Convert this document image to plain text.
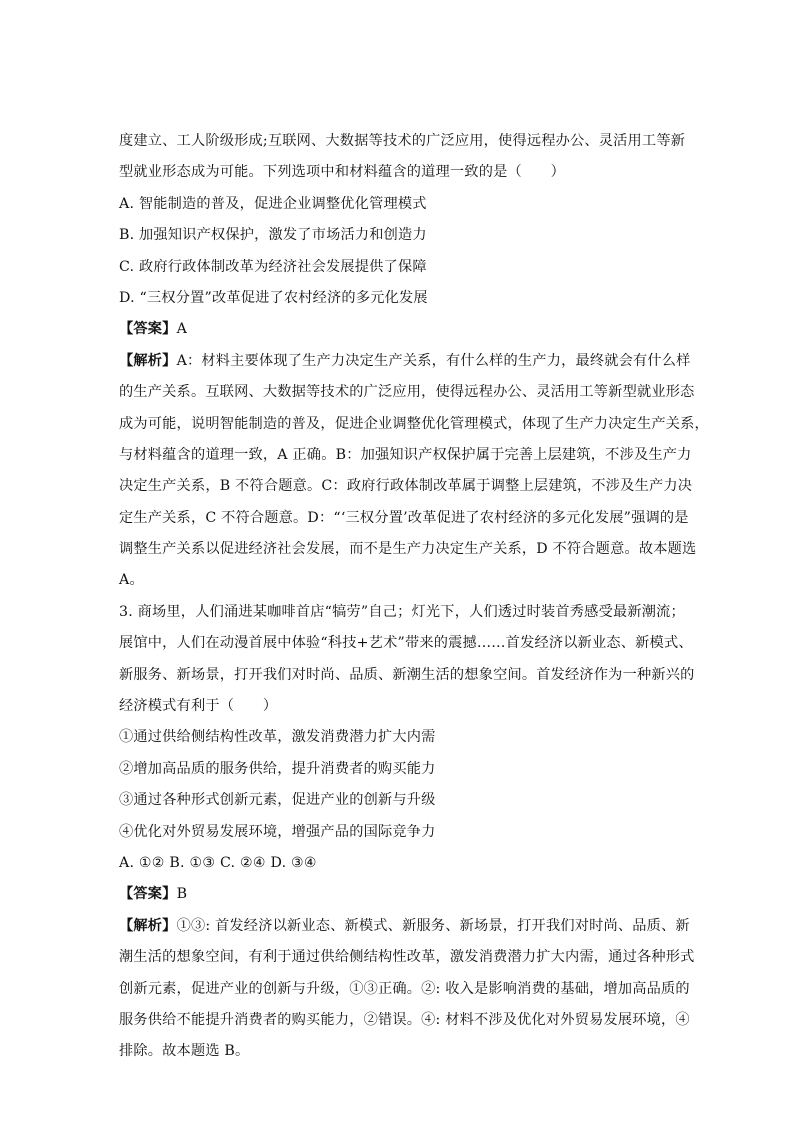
度建立、工人阶级形成;互联网、大数据等技术的广泛应用，使得远程办公、灵活用工等新
型就业形态成为可能。下列选项中和材料蕴含的道理一致的是（　　）
A. 智能制造的普及，促进企业调整优化管理模式
B. 加强知识产权保护，激发了市场活力和创造力
C. 政府行政体制改革为经济社会发展提供了保障
D. “三权分置”改革促进了农村经济的多元化发展
【答案】A
【解析】A：材料主要体现了生产力决定生产关系，有什么样的生产力，最终就会有什么样
的生产关系。互联网、大数据等技术的广泛应用，使得远程办公、灵活用工等新型就业形态
成为可能，说明智能制造的普及，促进企业调整优化管理模式，体现了生产力决定生产关系，
与材料蕴含的道理一致，A 正确。B：加强知识产权保护属于完善上层建筑，不涉及生产力
决定生产关系，B 不符合题意。C：政府行政体制改革属于调整上层建筑，不涉及生产力决
定生产关系，C 不符合题意。D：“‘三权分置’改革促进了农村经济的多元化发展”强调的是
调整生产关系以促进经济社会发展，而不是生产力决定生产关系，D 不符合题意。故本题选
A。
3. 商场里，人们涌进某咖啡首店“犒劳”自己；灯光下，人们透过时装首秀感受最新潮流；
展馆中，人们在动漫首展中体验“科技+艺术”带来的震撼……首发经济以新业态、新模式、
新服务、新场景，打开我们对时尚、品质、新潮生活的想象空间。首发经济作为一种新兴的
经济模式有利于（　　）
①通过供给侧结构性改革，激发消费潜力扩大内需
②增加高品质的服务供给，提升消费者的购买能力
③通过各种形式创新元素，促进产业的创新与升级
④优化对外贸易发展环境，增强产品的国际竞争力
A. ①② B. ①③ C. ②④ D. ③④
【答案】B
【解析】①③: 首发经济以新业态、新模式、新服务、新场景，打开我们对时尚、品质、新
潮生活的想象空间，有利于通过供给侧结构性改革，激发消费潜力扩大内需，通过各种形式
创新元素，促进产业的创新与升级，①③正确。②: 收入是影响消费的基础，增加高品质的
服务供给不能提升消费者的购买能力，②错误。④: 材料不涉及优化对外贸易发展环境，④
排除。故本题选 B。
